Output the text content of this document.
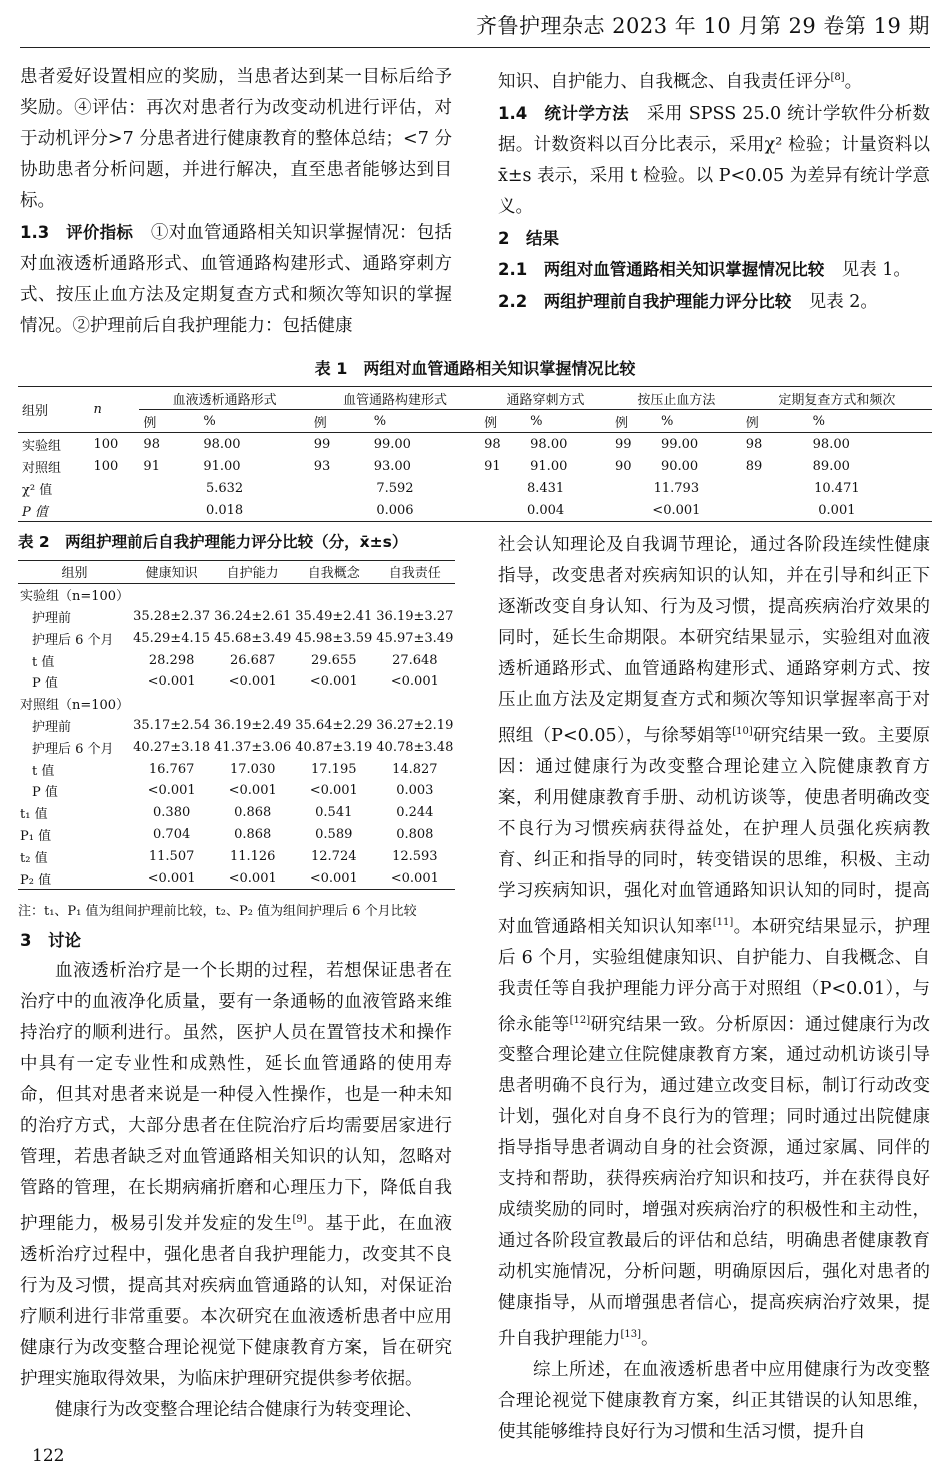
齐鲁护理杂志 2023 年 10 月第 29 卷第 19 期

患者爱好设置相应的奖励，当患者达到某一目标后给予奖励。④评估：再次对患者行为改变动机进行评估，对于动机评分>7 分患者进行健康教育的整体总结；<7 分协助患者分析问题，并进行解决，直至患者能够达到目标。

1.3　评价指标　①对血管通路相关知识掌握情况：包括对血液透析通路形式、血管通路构建形式、通路穿刺方式、按压止血方法及定期复查方式和频次等知识的掌握情况。②护理前后自我护理能力：包括健康

知识、自护能力、自我概念、自我责任评分[8]。

1.4　统计学方法　采用 SPSS 25.0 统计学软件分析数据。计数资料以百分比表示，采用χ² 检验；计量资料以 x̄±s 表示，采用 t 检验。以 P<0.05 为差异有统计学意义。

2　结果

2.1　两组对血管通路相关知识掌握情况比较　见表 1。

2.2　两组护理前自我护理能力评分比较　见表 2。

表 1　两组对血管通路相关知识掌握情况比较
组别	n	血液透析通路形式		血管通路构建形式		通路穿刺方式		按压止血方法		定期复查方式和频次	
		例	%	例	%	例	%	例	%	例	%
实验组	100	98	98.00	99	99.00	98	98.00	99	99.00	98	98.00
对照组	100	91	91.00	93	93.00	91	91.00	90	90.00	89	89.00
χ² 值		5.632		7.592		8.431		11.793		10.471	
P 值		0.018		0.006		0.004		<0.001		0.001	
表 2　两组护理前后自我护理能力评分比较（分，x̄±s）
组别	健康知识	自护能力	自我概念	自我责任
实验组（n=100）				
护理前	35.28±2.37	36.24±2.61	35.49±2.41	36.19±3.27
护理后 6 个月	45.29±4.15	45.68±3.49	45.98±3.59	45.97±3.49
t 值	28.298	26.687	29.655	27.648
P 值	<0.001	<0.001	<0.001	<0.001
对照组（n=100）				
护理前	35.17±2.54	36.19±2.49	35.64±2.29	36.27±2.19
护理后 6 个月	40.27±3.18	41.37±3.06	40.87±3.19	40.78±3.48
t 值	16.767	17.030	17.195	14.827
P 值	<0.001	<0.001	<0.001	0.003
t₁ 值	0.380	0.868	0.541	0.244
P₁ 值	0.704	0.868	0.589	0.808
t₂ 值	11.507	11.126	12.724	12.593
P₂ 值	<0.001	<0.001	<0.001	<0.001
注：t₁、P₁ 值为组间护理前比较，t₂、P₂ 值为组间护理后 6 个月比较

3　讨论

血液透析治疗是一个长期的过程，若想保证患者在治疗中的血液净化质量，要有一条通畅的血液管路来维持治疗的顺利进行。虽然，医护人员在置管技术和操作中具有一定专业性和成熟性，延长血管通路的使用寿命，但其对患者来说是一种侵入性操作，也是一种未知的治疗方式，大部分患者在住院治疗后均需要居家进行管理，若患者缺乏对血管通路相关知识的认知，忽略对管路的管理，在长期病痛折磨和心理压力下，降低自我护理能力，极易引发并发症的发生[9]。基于此，在血液透析治疗过程中，强化患者自我护理能力，改变其不良行为及习惯，提高其对疾病血管通路的认知，对保证治疗顺利进行非常重要。本次研究在血液透析患者中应用健康行为改变整合理论视觉下健康教育方案，旨在研究护理实施取得效果，为临床护理研究提供参考依据。

健康行为改变整合理论结合健康行为转变理论、

社会认知理论及自我调节理论，通过各阶段连续性健康指导，改变患者对疾病知识的认知，并在引导和纠正下逐渐改变自身认知、行为及习惯，提高疾病治疗效果的同时，延长生命期限。本研究结果显示，实验组对血液透析通路形式、血管通路构建形式、通路穿刺方式、按压止血方法及定期复查方式和频次等知识掌握率高于对照组（P<0.05），与徐琴娟等[10]研究结果一致。主要原因：通过健康行为改变整合理论建立入院健康教育方案，利用健康教育手册、动机访谈等，使患者明确改变不良行为习惯疾病获得益处，在护理人员强化疾病教育、纠正和指导的同时，转变错误的思维，积极、主动学习疾病知识，强化对血管通路知识认知的同时，提高对血管通路相关知识认知率[11]。本研究结果显示，护理后 6 个月，实验组健康知识、自护能力、自我概念、自我责任等自我护理能力评分高于对照组（P<0.01），与徐永能等[12]研究结果一致。分析原因：通过健康行为改变整合理论建立住院健康教育方案，通过动机访谈引导患者明确不良行为，通过建立改变目标，制订行动改变计划，强化对自身不良行为的管理；同时通过出院健康指导指导患者调动自身的社会资源，通过家属、同伴的支持和帮助，获得疾病治疗知识和技巧，并在获得良好成绩奖励的同时，增强对疾病治疗的积极性和主动性，通过各阶段宣教最后的评估和总结，明确患者健康教育动机实施情况，分析问题，明确原因后，强化对患者的健康指导，从而增强患者信心，提高疾病治疗效果，提升自我护理能力[13]。

综上所述，在血液透析患者中应用健康行为改变整合理论视觉下健康教育方案，纠正其错误的认知思维，使其能够维持良好行为习惯和生活习惯，提升自

122
